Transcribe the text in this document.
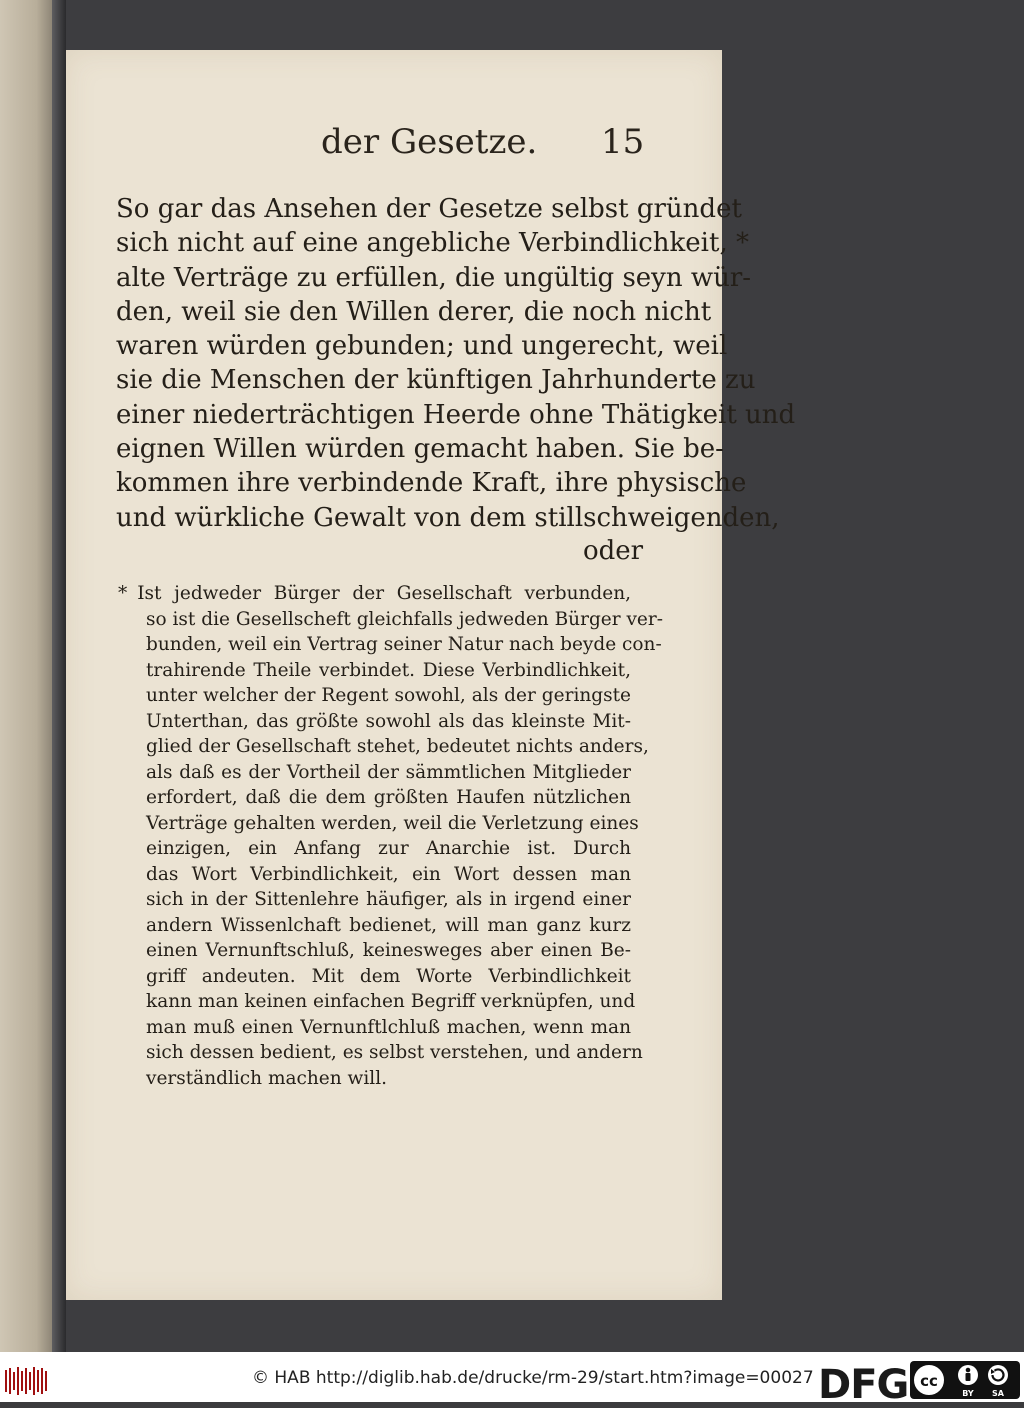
der Gesetze. 15
So gar das Ansehen der Gesetze selbst gründet
sich nicht auf eine angebliche Verbindlichkeit, *
alte Verträge zu erfüllen, die ungültig seyn wür-
den, weil sie den Willen derer, die noch nicht
waren würden gebunden; und ungerecht, weil
sie die Menschen der künftigen Jahrhunderte zu
einer niederträchtigen Heerde ohne Thätigkeit und
eignen Willen würden gemacht haben. Sie be-
kommen ihre verbindende Kraft, ihre physische
und würkliche Gewalt von dem stillschweigenden,
oder
* Ist jedweder Bürger der Gesellschaft verbunden,
so ist die Gesellscheft gleichfalls jedweden Bürger ver-
bunden, weil ein Vertrag seiner Natur nach beyde con-
trahirende Theile verbindet. Diese Verbindlichkeit,
unter welcher der Regent sowohl, als der geringste
Unterthan, das größte sowohl als das kleinste Mit-
glied der Gesellschaft stehet, bedeutet nichts anders,
als daß es der Vortheil der sämmtlichen Mitglieder
erfordert, daß die dem größten Haufen nützlichen
Verträge gehalten werden, weil die Verletzung eines
einzigen, ein Anfang zur Anarchie ist. Durch
das Wort Verbindlichkeit, ein Wort dessen man
sich in der Sittenlehre häufiger, als in irgend einer
andern Wissenlchaft bedienet, will man ganz kurz
einen Vernunftschluß, keinesweges aber einen Be-
griff andeuten. Mit dem Worte Verbindlichkeit
kann man keinen einfachen Begriff verknüpfen, und
man muß einen Vernunftlchluß machen, wenn man
sich dessen bedient, es selbst verstehen, und andern
verständlich machen will.
© HAB http://diglib.hab.de/drucke/rm-29/start.htm?image=00027 DFG cc
BY SA
